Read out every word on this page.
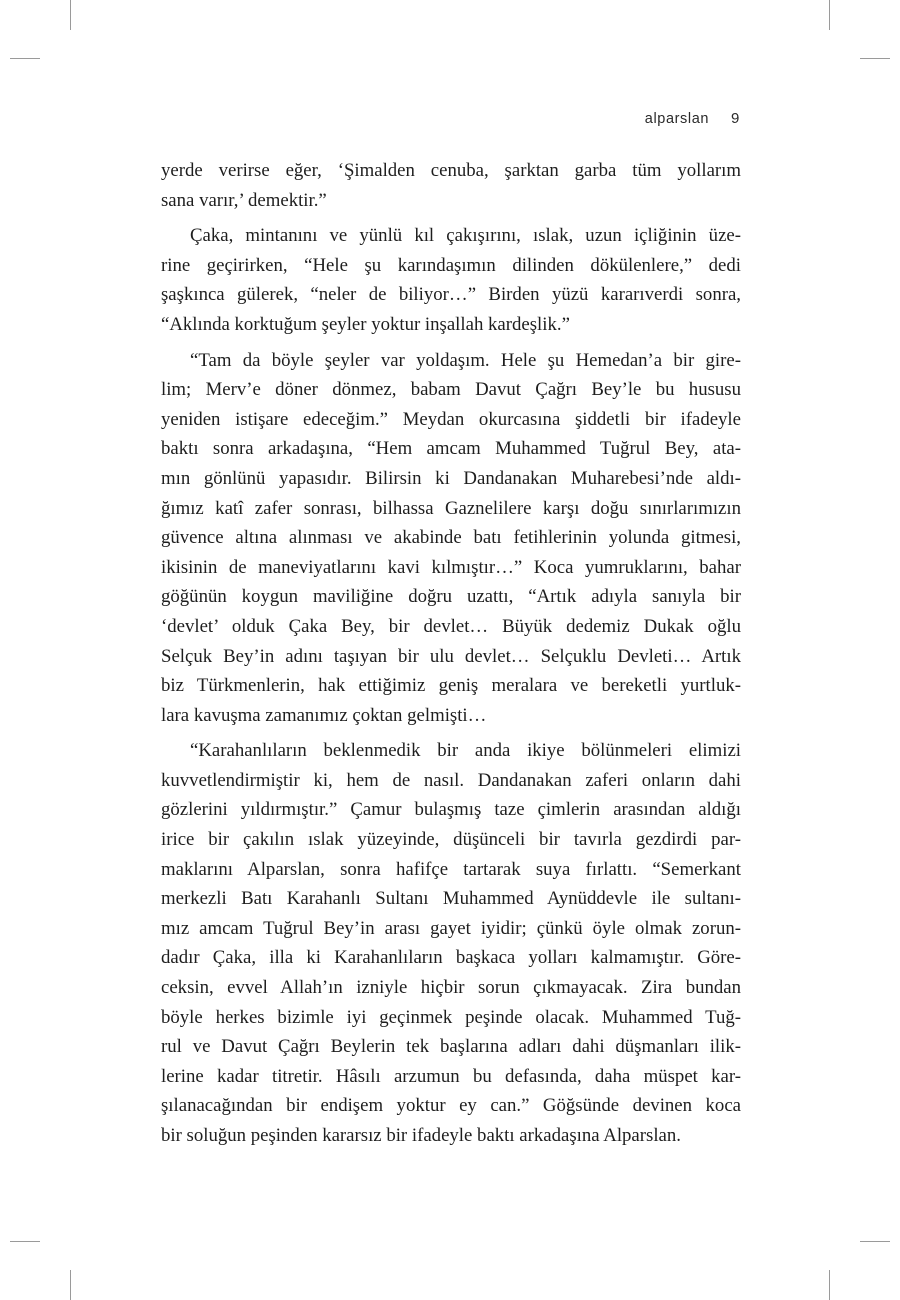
alparslan 9
yerde verirse eğer, ‘Şimalden cenuba, şarktan garba tüm yollarım
sana varır,’ demektir.”
Çaka, mintanını ve yünlü kıl çakışırını, ıslak, uzun içliğinin üze-
rine geçirirken, “Hele şu karındaşımın dilinden dökülenlere,” dedi
şaşkınca gülerek, “neler de biliyor…” Birden yüzü kararıverdi sonra,
“Aklında korktuğum şeyler yoktur inşallah kardeşlik.”
“Tam da böyle şeyler var yoldaşım. Hele şu Hemedan’a bir gire-
lim; Merv’e döner dönmez, babam Davut Çağrı Bey’le bu hususu
yeniden istişare edeceğim.” Meydan okurcasına şiddetli bir ifadeyle
baktı sonra arkadaşına, “Hem amcam Muhammed Tuğrul Bey, ata-
mın gönlünü yapasıdır. Bilirsin ki Dandanakan Muharebesi’nde aldı-
ğımız katî zafer sonrası, bilhassa Gaznelilere karşı doğu sınırlarımızın
güvence altına alınması ve akabinde batı fetihlerinin yolunda gitmesi,
ikisinin de maneviyatlarını kavi kılmıştır…” Koca yumruklarını, bahar
göğünün koygun maviliğine doğru uzattı, “Artık adıyla sanıyla bir
‘devlet’ olduk Çaka Bey, bir devlet… Büyük dedemiz Dukak oğlu
Selçuk Bey’in adını taşıyan bir ulu devlet… Selçuklu Devleti… Artık
biz Türkmenlerin, hak ettiğimiz geniş meralara ve bereketli yurtluk-
lara kavuşma zamanımız çoktan gelmişti…
“Karahanlıların beklenmedik bir anda ikiye bölünmeleri elimizi
kuvvetlendirmiştir ki, hem de nasıl. Dandanakan zaferi onların dahi
gözlerini yıldırmıştır.” Çamur bulaşmış taze çimlerin arasından aldığı
irice bir çakılın ıslak yüzeyinde, düşünceli bir tavırla gezdirdi par-
maklarını Alparslan, sonra hafifçe tartarak suya fırlattı. “Semerkant
merkezli Batı Karahanlı Sultanı Muhammed Aynüddevle ile sultanı-
mız amcam Tuğrul Bey’in arası gayet iyidir; çünkü öyle olmak zorun-
dadır Çaka, illa ki Karahanlıların başkaca yolları kalmamıştır. Göre-
ceksin, evvel Allah’ın izniyle hiçbir sorun çıkmayacak. Zira bundan
böyle herkes bizimle iyi geçinmek peşinde olacak. Muhammed Tuğ-
rul ve Davut Çağrı Beylerin tek başlarına adları dahi düşmanları ilik-
lerine kadar titretir. Hâsılı arzumun bu defasında, daha müspet kar-
şılanacağından bir endişem yoktur ey can.” Göğsünde devinen koca
bir soluğun peşinden kararsız bir ifadeyle baktı arkadaşına Alparslan.
